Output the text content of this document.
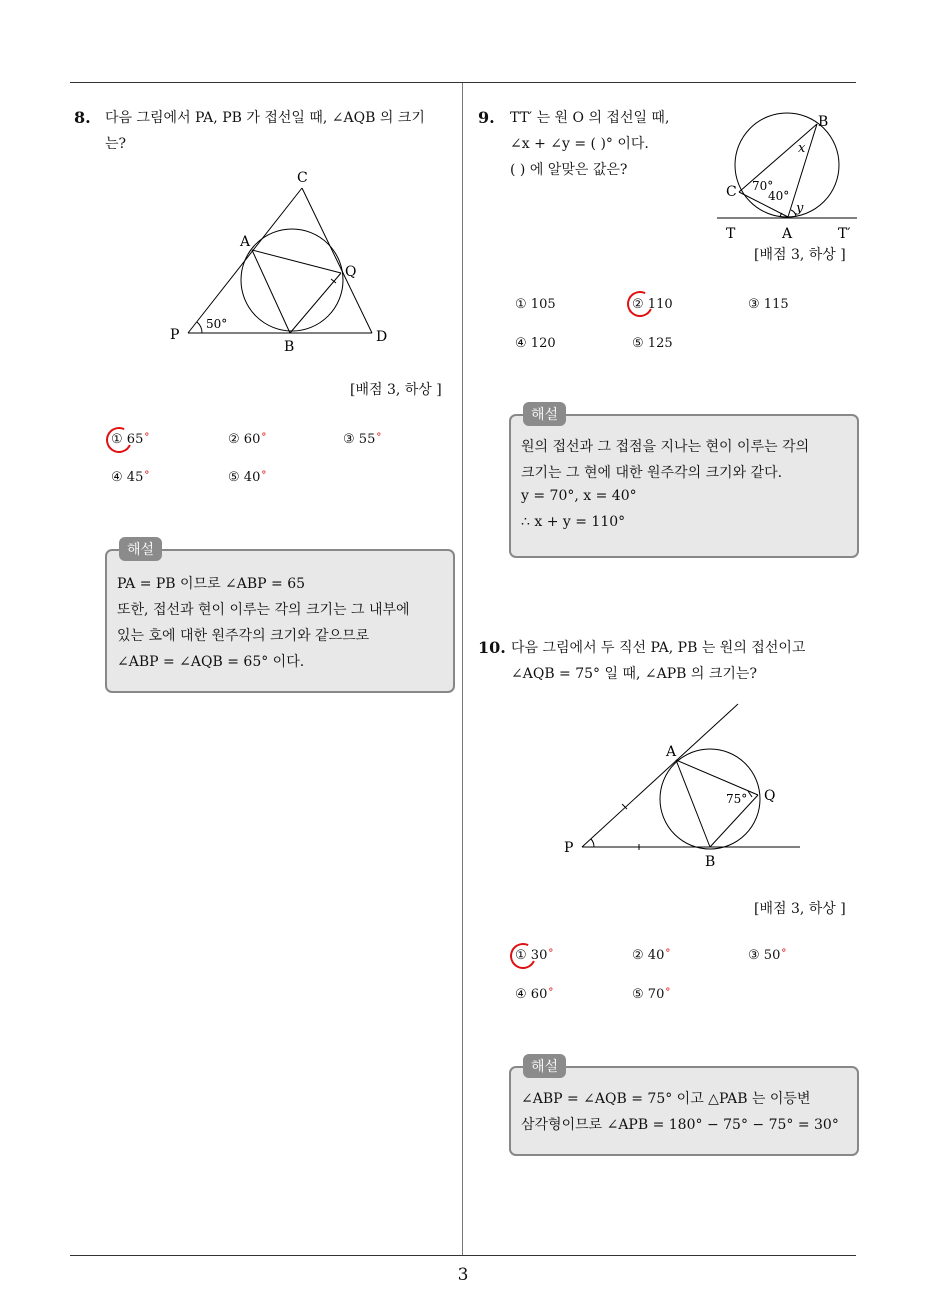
3
8. 다음 그림에서 PA, PB 가 접선일 때, ∠AQB 의 크기
는?
C
A
Q
P
B
D
50°
[배점 3, 하상 ]
① 65°	② 60°	③ 55°
④ 45°	⑤ 40°
해설
PA = PB 이므로 ∠ABP = 65
또한, 접선과 현이 이루는 각의 크기는 그 내부에
있는 호에 대한 원주각의 크기와 같으므로
∠ABP = ∠AQB = 65° 이다.
9. TT′ 는 원 O 의 접선일 때,
∠x + ∠y = ( )° 이다.
( ) 에 알맞은 값은?
B
C
T	A	T′
x
y
70°
40°
[배점 3, 하상 ]
① 105	② 110	③ 115
④ 120	⑤ 125
해설
원의 접선과 그 접점을 지나는 현이 이루는 각의
크기는 그 현에 대한 원주각의 크기와 같다.
y = 70°, x = 40°
∴ x + y = 110°
10. 다음 그림에서 두 직선 PA, PB 는 원의 접선이고
∠AQB = 75° 일 때, ∠APB 의 크기는?
A
Q
P
B
75°
[배점 3, 하상 ]
① 30°	② 40°	③ 50°
④ 60°	⑤ 70°
해설
∠ABP = ∠AQB = 75° 이고 △PAB 는 이등변
삼각형이므로 ∠APB = 180° − 75° − 75° = 30°
